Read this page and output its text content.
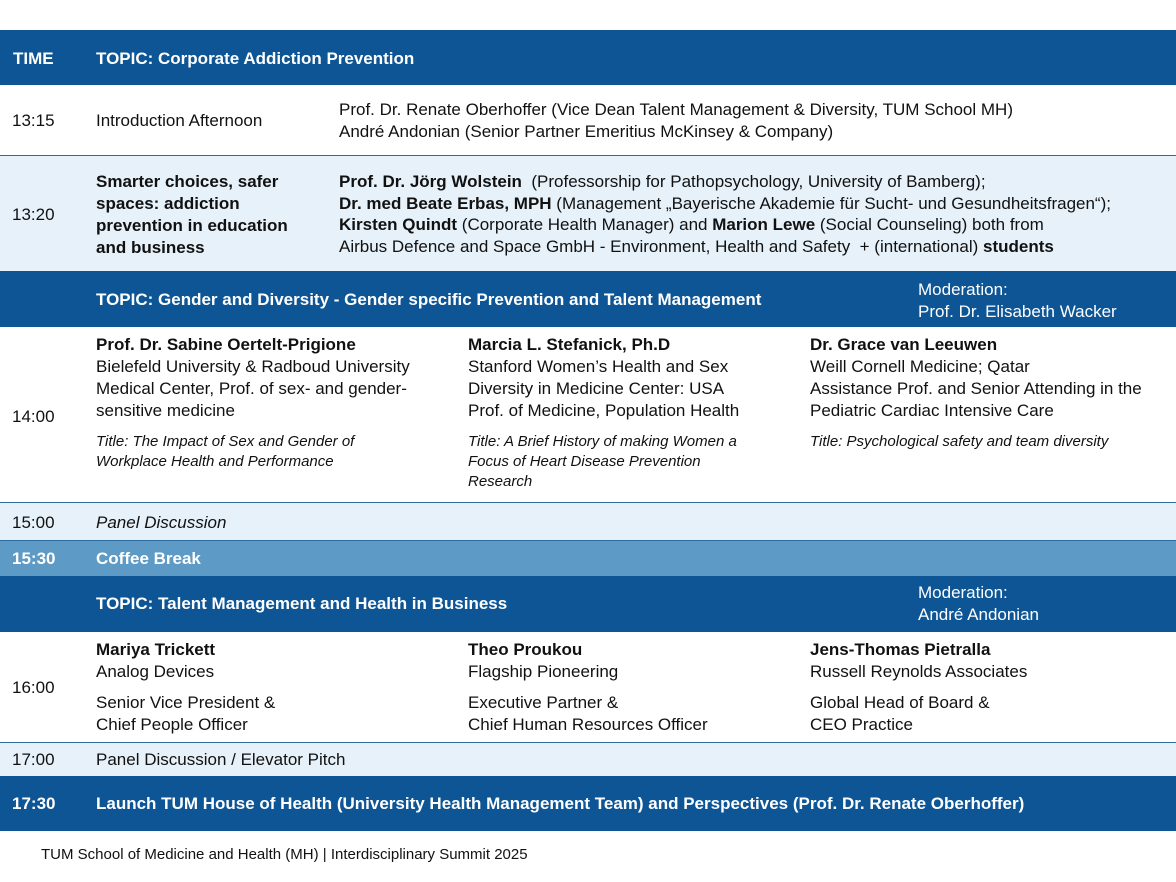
TIME TOPIC: Corporate Addiction Prevention
13:15 Introduction Afternoon
Prof. Dr. Renate Oberhoffer (Vice Dean Talent Management & Diversity, TUM School MH)
André Andonian (Senior Partner Emeritius McKinsey & Company)
13:20
Smarter choices, safer
spaces: addiction
prevention in education
and business
Prof. Dr. Jörg Wolstein  (Professorship for Pathopsychology, University of Bamberg);
Dr. med Beate Erbas, MPH (Management „Bayerische Akademie für Sucht- und Gesundheitsfragen“);
Kirsten Quindt (Corporate Health Manager) and Marion Lewe (Social Counseling) both from
Airbus Defence and Space GmbH - Environment, Health and Safety  + (international) students
TOPIC: Gender and Diversity - Gender specific Prevention and Talent Management
Moderation:
Prof. Dr. Elisabeth Wacker
14:00
Prof. Dr. Sabine Oertelt-Prigione
Bielefeld University & Radboud University
Medical Center, Prof. of sex- and gender-
sensitive medicine
Title: The Impact of Sex and Gender of
Workplace Health and Performance
Marcia L. Stefanick, Ph.D
Stanford Women’s Health and Sex
Diversity in Medicine Center: USA
Prof. of Medicine, Population Health
Title: A Brief History of making Women a
Focus of Heart Disease Prevention
Research
Dr. Grace van Leeuwen
Weill Cornell Medicine; Qatar
Assistance Prof. and Senior Attending in the
Pediatric Cardiac Intensive Care
Title: Psychological safety and team diversity
15:00 Panel Discussion
15:30 Coffee Break
TOPIC: Talent Management and Health in Business
Moderation:
André Andonian
16:00
Mariya Trickett
Analog Devices
Senior Vice President &
Chief People Officer
Theo Proukou
Flagship Pioneering
Executive Partner &
Chief Human Resources Officer
Jens-Thomas Pietralla
Russell Reynolds Associates
Global Head of Board &
CEO Practice
17:00 Panel Discussion / Elevator Pitch
17:30 Launch TUM House of Health (University Health Management Team) and Perspectives (Prof. Dr. Renate Oberhoffer)
TUM School of Medicine and Health (MH) | Interdisciplinary Summit 2025
